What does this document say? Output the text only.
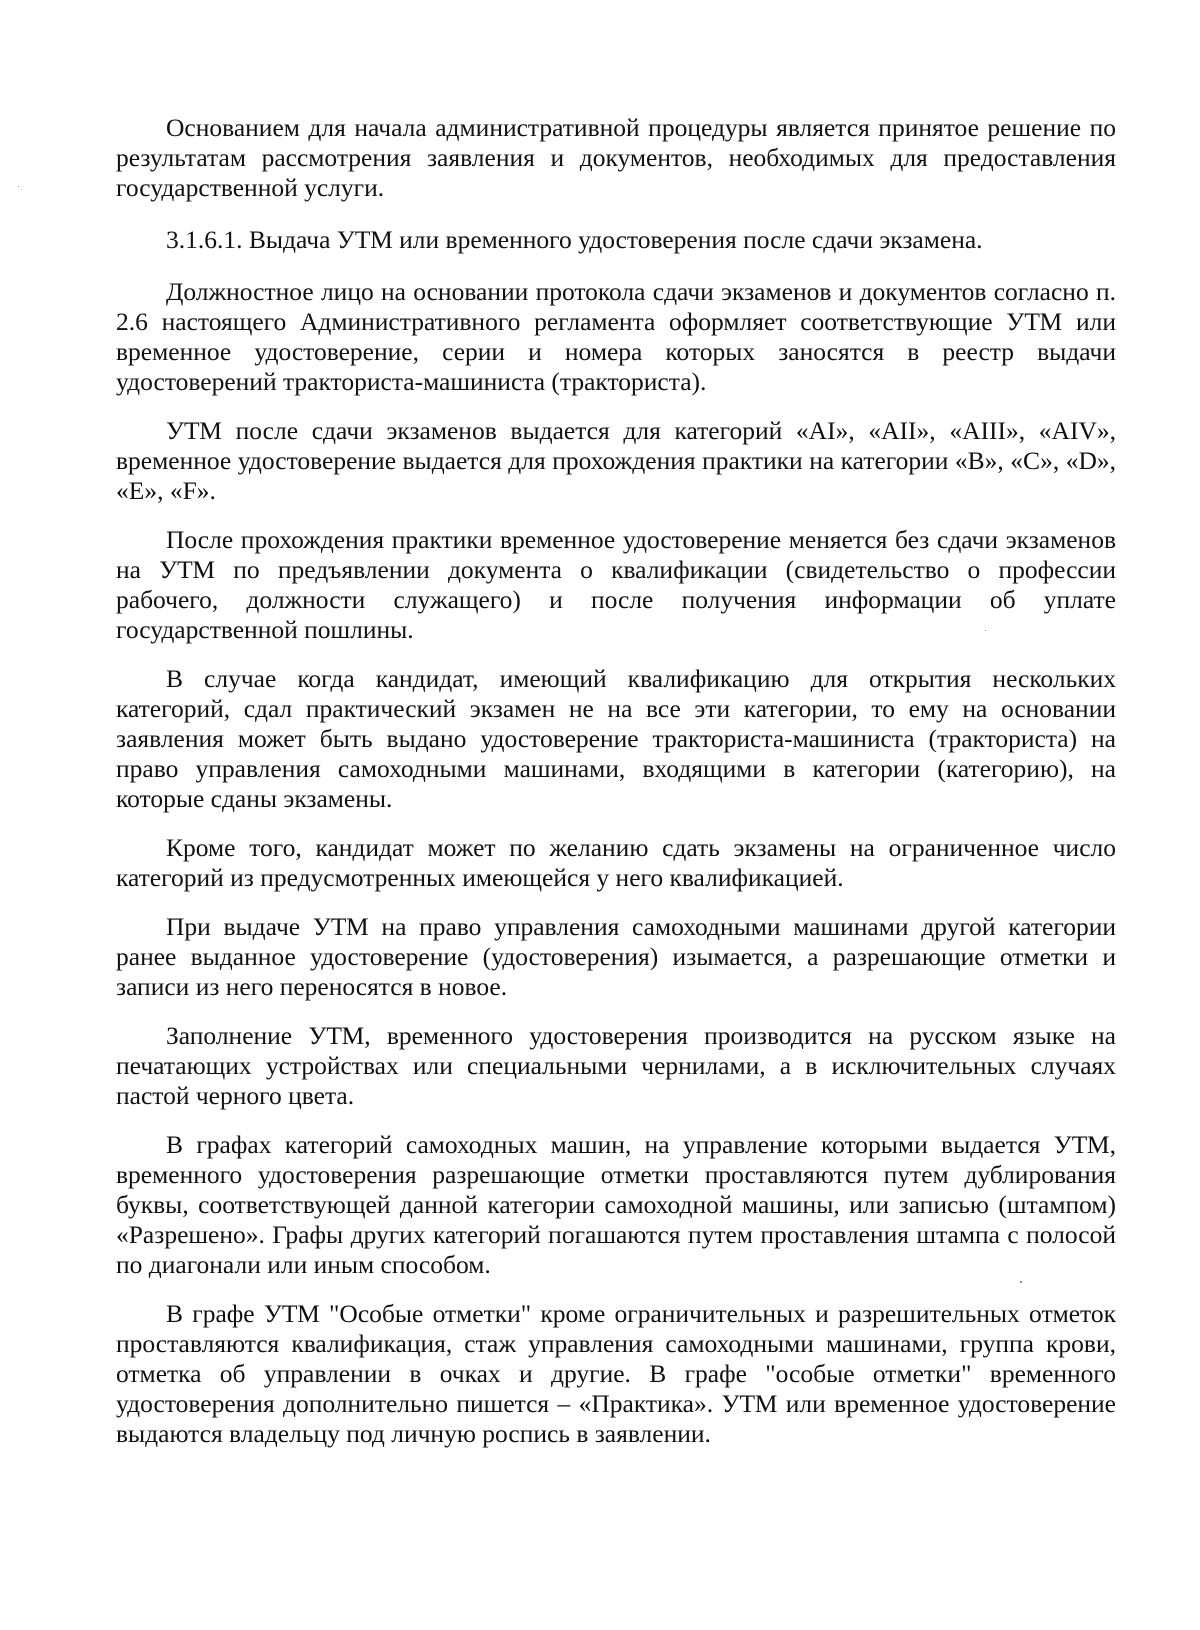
Основанием для начала административной процедуры является принятое решение по результатам рассмотрения заявления и документов, необходимых для предоставления государственной услуги.

3.1.6.1. Выдача УТМ или временного удостоверения после сдачи экзамена.

Должностное лицо на основании протокола сдачи экзаменов и документов согласно п. 2.6 настоящего Административного регламента оформляет соответствующие УТМ или временное удостоверение, серии и номера которых заносятся в реестр выдачи удостоверений тракториста-машиниста (тракториста).

УТМ после сдачи экзаменов выдается для категорий «AI», «AII», «AIII», «AIV», временное удостоверение выдается для прохождения практики на категории «B», «C», «D», «E», «F».

После прохождения практики временное удостоверение меняется без сдачи экзаменов на УТМ по предъявлении документа о квалификации (свидетельство о профессии рабочего, должности служащего) и после получения информации об уплате государственной пошлины.

В случае когда кандидат, имеющий квалификацию для открытия нескольких категорий, сдал практический экзамен не на все эти категории, то ему на основании заявления может быть выдано удостоверение тракториста-машиниста (тракториста) на право управления самоходными машинами, входящими в категории (категорию), на которые сданы экзамены.

Кроме того, кандидат может по желанию сдать экзамены на ограниченное число категорий из предусмотренных имеющейся у него квалификацией.

При выдаче УТМ на право управления самоходными машинами другой категории ранее выданное удостоверение (удостоверения) изымается, а разрешающие отметки и записи из него переносятся в новое.

Заполнение УТМ, временного удостоверения производится на русском языке на печатающих устройствах или специальными чернилами, а в исключительных случаях пастой черного цвета.

В графах категорий самоходных машин, на управление которыми выдается УТМ, временного удостоверения разрешающие отметки проставляются путем дублирования буквы, соответствующей данной категории самоходной машины, или записью (штампом) «Разрешено». Графы других категорий погашаются путем проставления штампа с полосой по диагонали или иным способом.

В графе УТМ "Особые отметки" кроме ограничительных и разрешительных отметок проставляются квалификация, стаж управления самоходными машинами, группа крови, отметка об управлении в очках и другие. В графе "особые отметки" временного удостоверения дополнительно пишется – «Практика». УТМ или временное удостоверение выдаются владельцу под личную роспись в заявлении.
